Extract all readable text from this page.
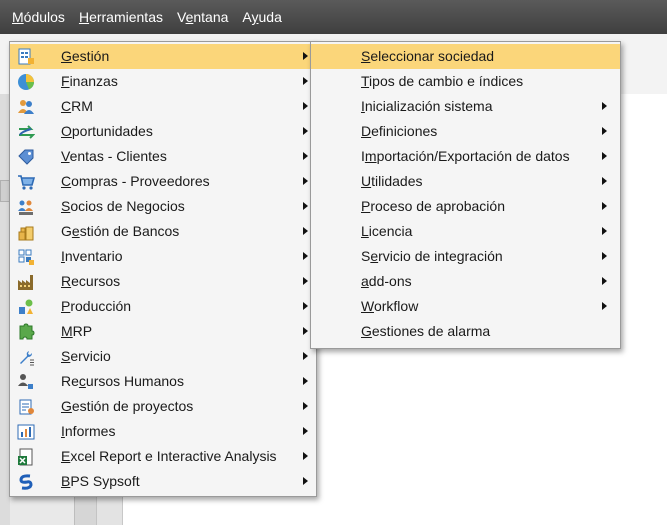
Módulos	Herramientas	Ventana	Ayuda
Gestión
Finanzas
CRM
Oportunidades
Ventas - Clientes
Compras - Proveedores
Socios de Negocios
Gestión de Bancos
Inventario
Recursos
Producción
MRP
Servicio
Recursos Humanos
Gestión de proyectos
Informes
Excel Report e Interactive Analysis
BPS Sypsoft
Seleccionar sociedad
Tipos de cambio e índices
Inicialización sistema
Definiciones
Importación/Exportación de datos
Utilidades
Proceso de aprobación
Licencia
Servicio de integración
add-ons
Workflow
Gestiones de alarma
